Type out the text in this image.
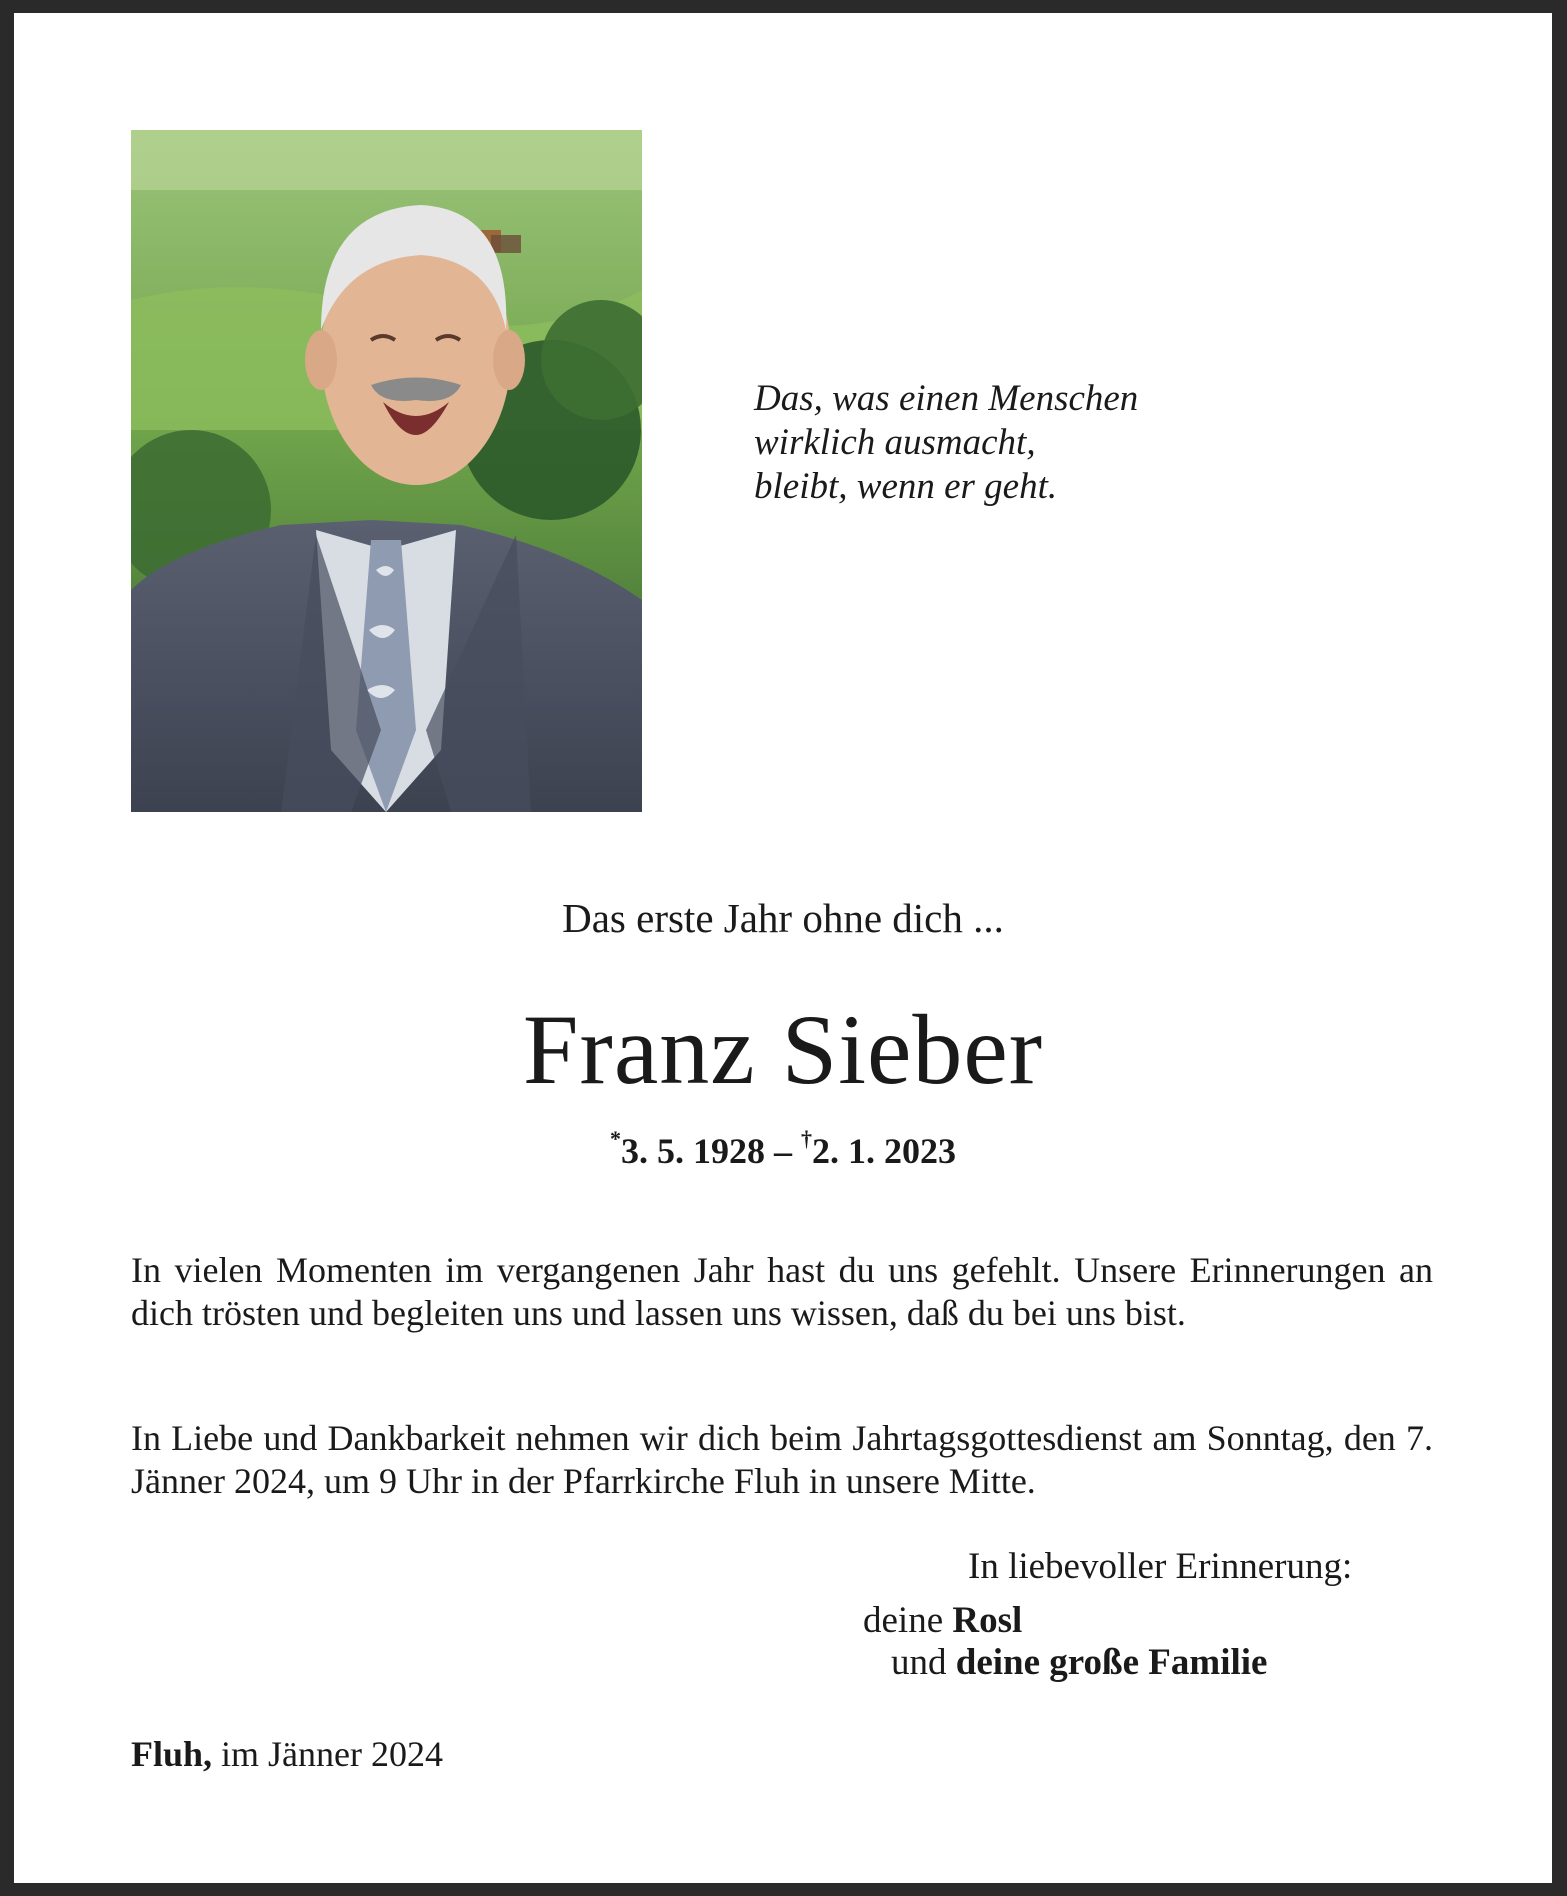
Das, was einen Menschen
wirklich ausmacht,
bleibt, wenn er geht.
Das erste Jahr ohne dich ...
Franz Sieber
*3. 5. 1928 – †2. 1. 2023
In vielen Momenten im vergangenen Jahr hast du uns gefehlt. Unsere Erinnerungen an dich trösten und begleiten uns und lassen uns wissen, daß du bei uns bist.
In Liebe und Dankbarkeit nehmen wir dich beim Jahrtagsgottesdienst am Sonntag, den 7. Jänner 2024, um 9 Uhr in der Pfarrkirche Fluh in unsere Mitte.
In liebevoller Erinnerung:
deine Rosl
und deine große Familie
Fluh, im Jänner 2024
